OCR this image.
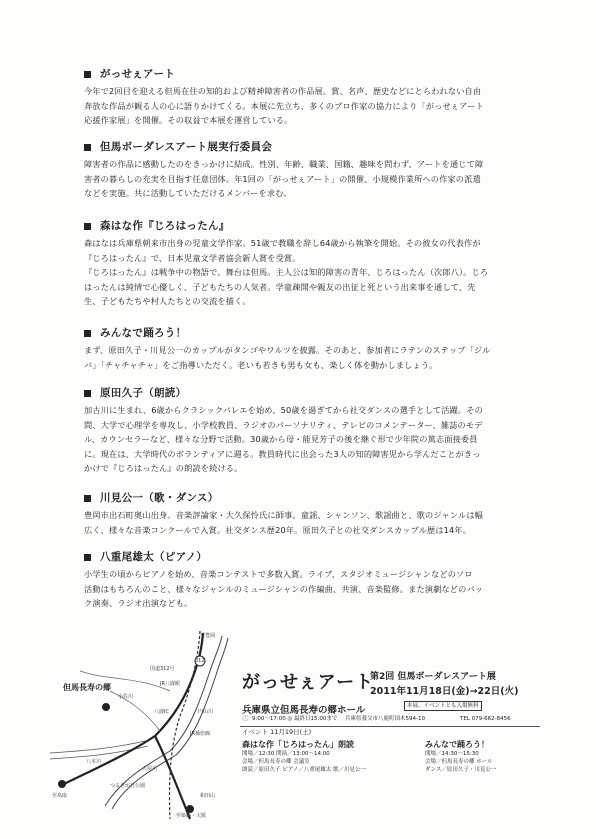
がっせぇアート

今年で2回目を迎える但馬在住の知的および精神障害者の作品展。賞、名声、歴史などにとらわれない自由
奔放な作品が観る人の心に語りかけてくる。本展に先立ち、多くのプロ作家の協力により「がっせぇアート
応援作家展」を開催。その収益で本展を運営している。

但馬ボーダレスアート展実行委員会

障害者の作品に感動したのをきっかけに結成。性別、年齢、職業、国籍、趣味を問わず、アートを通じて障
害者の暮らしの充実を目指す任意団体。年1回の「がっせぇアート」の開催、小規模作業所への作家の派遣
などを実施。共に活動していただけるメンバーを求む。

森はな作『じろはったん』

森はなは兵庫県朝来市出身の児童文学作家。51歳で教職を辞し64歳から執筆を開始。その彼女の代表作が
『じろはったん』で、日本児童文学者協会新人賞を受賞。
『じろはったん』は戦争中の物語で、舞台は但馬。主人公は知的障害の青年、じろはったん（次郎八）。じろ
はったんは純情で心優しく、子どもたちの人気者。学童疎開や親友の出征と死という出来事を通して、先
生、子どもたちや村人たちとの交流を描く。

みんなで踊ろう！

まず、原田久子・川見公一のカップルがタンゴやワルツを披露。そのあと、参加者にラテンのステップ「ジル
バ」「チャチャチャ」をご指導いただく。老いも若きも男も女も、楽しく体を動かしましょう。

原田久子（朗読）

加古川に生まれ、6歳からクラシックバレエを始め、50歳を過ぎてから社交ダンスの選手として活躍。その
間、大学で心理学を専攻し、小学校教員、ラジオのパーソナリティ、テレビのコメンテーター、雑誌のモデ
ル、カウンセラーなど、様々な分野で活動。30歳から母・能見芳子の後を継ぐ形で少年院の篤志面接委員
に。現在は、大学時代のボランティアに週る。教員時代に出会った3人の知的障害児から学んだことがきっ
かけで『じろはったん』の朗読を続ける。

川見公一（歌・ダンス）

豊岡市出石町奥山出身。音楽評論家・大久保怜氏に師事。童謡、シャンソン、歌謡曲と、歌のジャンルは幅
広く、様々な音楽コンクールで入賞。社交ダンス歴20年。原田久子との社交ダンスカップル歴は14年。

八重尾雄太（ピアノ）

小学生の頃からピアノを始め、音楽コンテストで多数入賞。ライブ、スタジオミュージシャンなどのソロ
活動はもちろんのこと、様々なジャンルのミュージシャンの作編曲、共演、音楽監修。また演劇などのバッ
ク演奏、ラジオ出演なども。

至豊岡
国道312号
JR八鹿駅
八鹿IC
小佐川
円山川
JR播但線
大屋川
つるぎが丘公園
八木川
至鳥取
至姫路・大阪
和田山
312
但馬長寿の郷	がっせぇアート
第2回 但馬ボーダレスアート展
2011年11月18日(金)→22日(火)
兵庫県立但馬長寿の郷ホール	本展、イベントとも入場無料
🕘 9:00～17:00 ◎ 最終日15:00まで 兵庫県養父市八鹿町国木594-10	TEL 079-662-8456
イベント 11月19日(土)
森はな作「じろはったん」朗読
開場／12:30 開演／13:00～14:00
会場／但馬長寿の郷 会議室
朗読／原田久子 ピアノ／八重尾雄太 歌／川見公一
みんなで踊ろう！
開場／14:30～15:30
会場／但馬長寿の郷 ホール
ダンス／原田久子・川見公一
